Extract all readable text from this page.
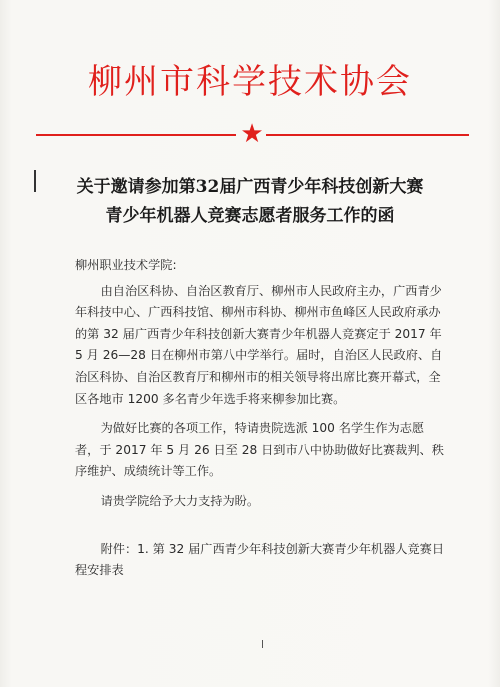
柳州市科学技术协会
★
关于邀请参加第32届广西青少年科技创新大赛
青少年机器人竞赛志愿者服务工作的函

柳州职业技术学院:

由自治区科协、自治区教育厅、柳州市人民政府主办，广西青少年科技中心、广西科技馆、柳州市科协、柳州市鱼峰区人民政府承办的第 32 届广西青少年科技创新大赛青少年机器人竞赛定于 2017 年 5 月 26—28 日在柳州市第八中学举行。届时，自治区人民政府、自治区科协、自治区教育厅和柳州市的相关领导将出席比赛开幕式，全区各地市 1200 多名青少年选手将来柳参加比赛。

为做好比赛的各项工作，特请贵院选派 100 名学生作为志愿者，于 2017 年 5 月 26 日至 28 日到市八中协助做好比赛裁判、秩序维护、成绩统计等工作。

请贵学院给予大力支持为盼。

附件：1. 第 32 届广西青少年科技创新大赛青少年机器人竞赛日程安排表
